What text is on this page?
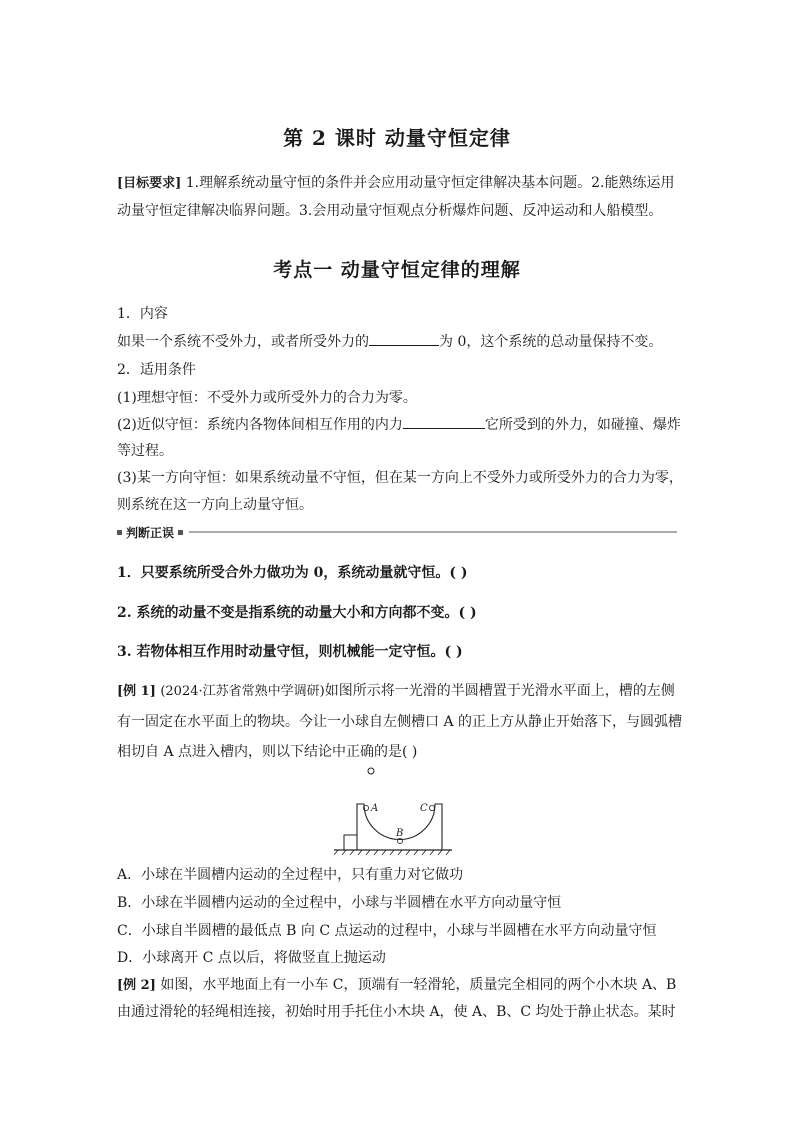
第 2 课时 动量守恒定律
[目标要求] 1.理解系统动量守恒的条件并会应用动量守恒定律解决基本问题。2.能熟练运用
动量守恒定律解决临界问题。3.会用动量守恒观点分析爆炸问题、反冲运动和人船模型。
考点一 动量守恒定律的理解
1．内容
如果一个系统不受外力，或者所受外力的	为 0，这个系统的总动量保持不变。
2．适用条件
(1)理想守恒：不受外力或所受外力的合力为零。
(2)近似守恒：系统内各物体间相互作用的内力	它所受到的外力，如碰撞、爆炸
等过程。
(3)某一方向守恒：如果系统动量不守恒，但在某一方向上不受外力或所受外力的合力为零，
则系统在这一方向上动量守恒。
判断正误
1．只要系统所受合外力做功为 0，系统动量就守恒。( )
2. 系统的动量不变是指系统的动量大小和方向都不变。( )
3. 若物体相互作用时动量守恒，则机械能一定守恒。( )
[例 1] (2024·江苏省常熟中学调研)如图所示将一光滑的半圆槽置于光滑水平面上，槽的左侧
有一固定在水平面上的物块。今让一小球自左侧槽口 A 的正上方从静止开始落下，与圆弧槽
相切自 A 点进入槽内，则以下结论中正确的是( )
A	C
B
A．小球在半圆槽内运动的全过程中，只有重力对它做功
B．小球在半圆槽内运动的全过程中，小球与半圆槽在水平方向动量守恒
C．小球自半圆槽的最低点 B 向 C 点运动的过程中，小球与半圆槽在水平方向动量守恒
D．小球离开 C 点以后，将做竖直上抛运动
[例 2] 如图，水平地面上有一小车 C，顶端有一轻滑轮，质量完全相同的两个小木块 A、B
由通过滑轮的轻绳相连接，初始时用手托住小木块 A，使 A、B、C 均处于静止状态。某时
